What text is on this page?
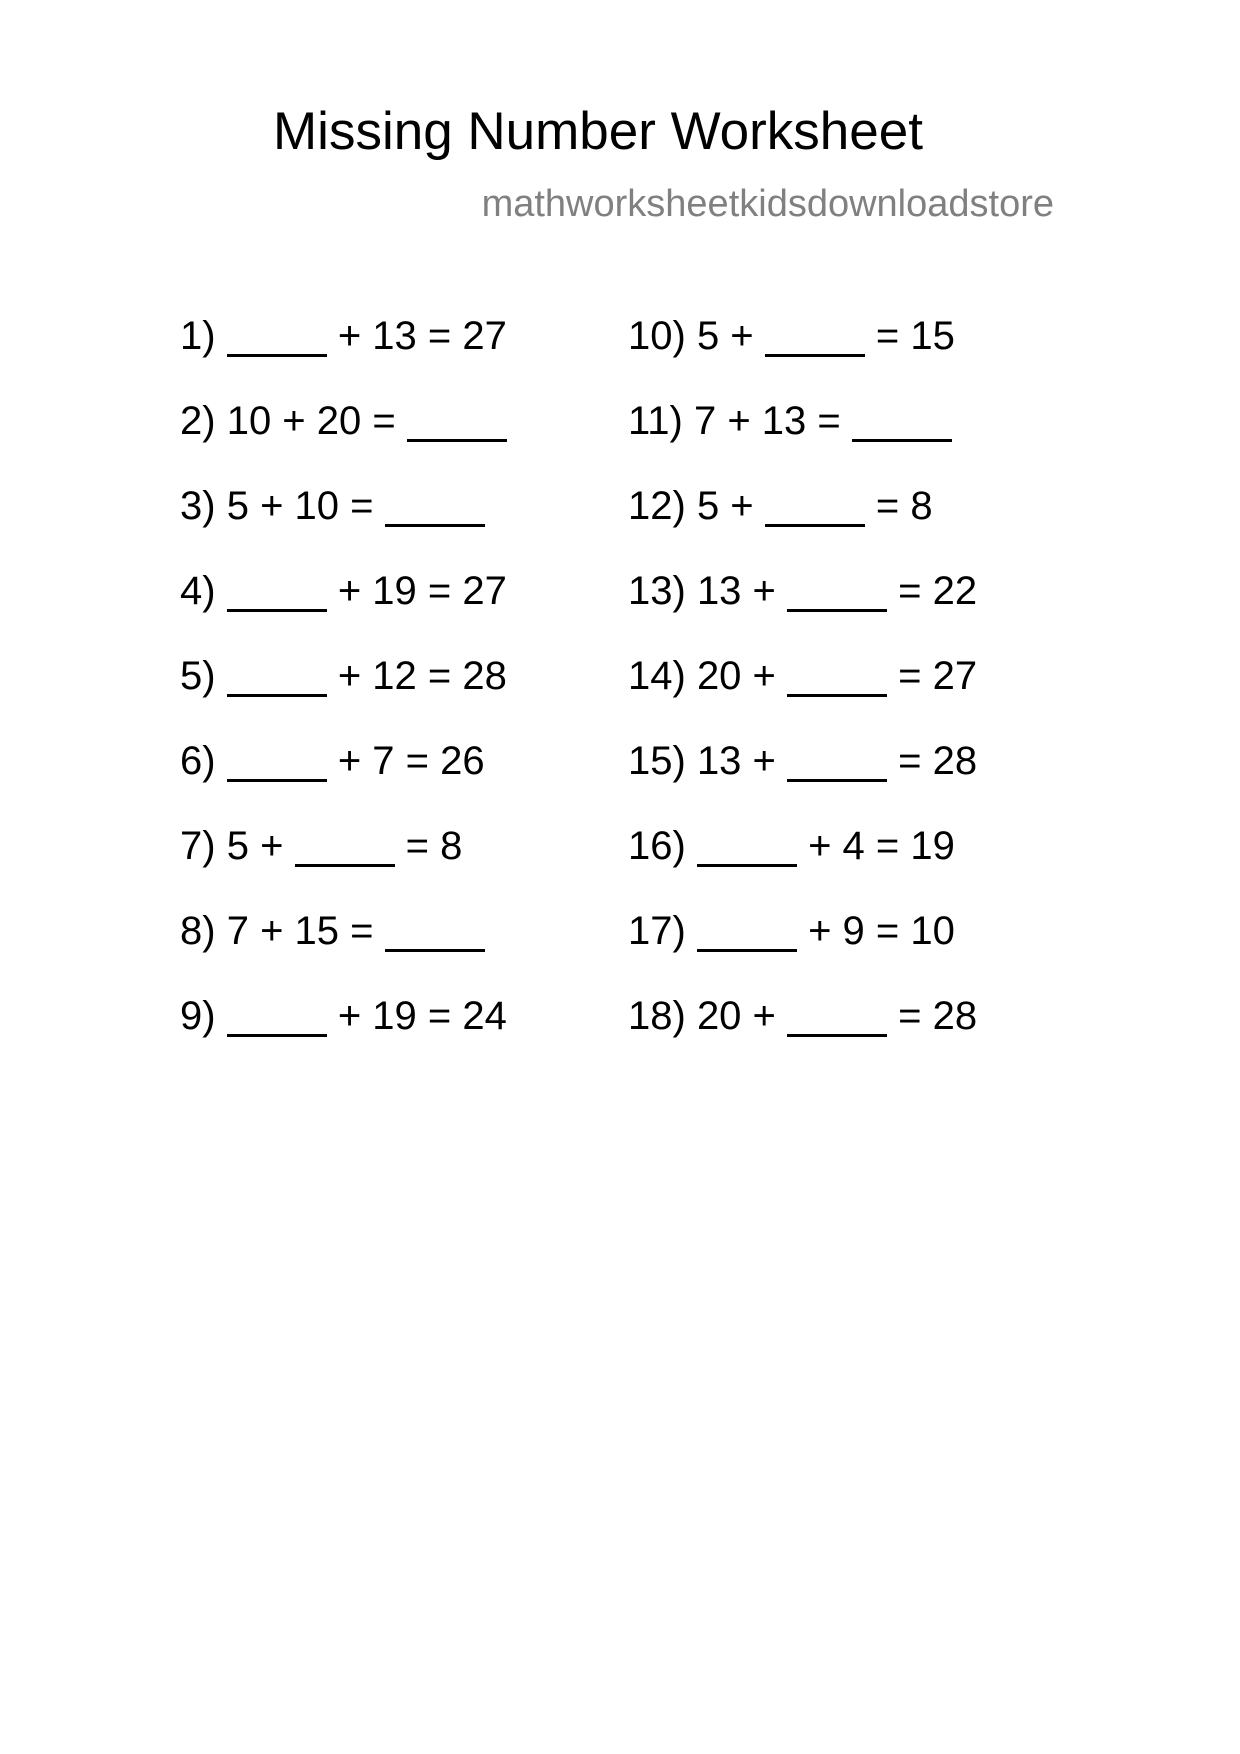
Missing Number Worksheet
mathworksheetkidsdownloadstore
1)	+ 13 = 27
2) 10 + 20 =
3) 5 + 10 =
4)	+ 19 = 27
5)	+ 12 = 28
6)	+ 7 = 26
7) 5 +	= 8
8) 7 + 15 =
9)	+ 19 = 24
10) 5 +	= 15
11) 7 + 13 =
12) 5 +	= 8
13) 13 +	= 22
14) 20 +	= 27
15) 13 +	= 28
16)	+ 4 = 19
17)	+ 9 = 10
18) 20 +	= 28
